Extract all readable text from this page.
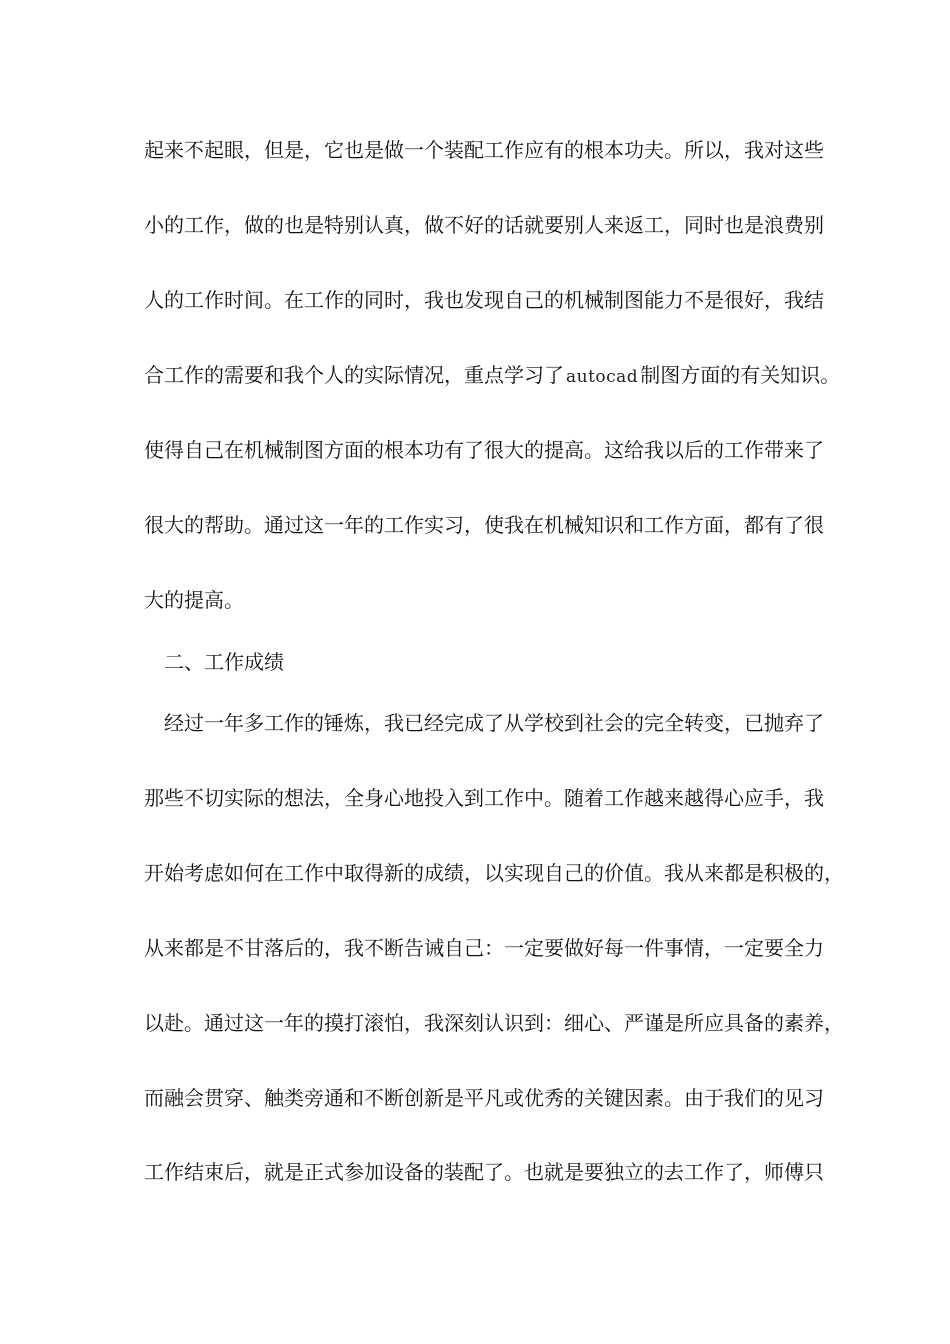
起来不起眼，但是，它也是做一个装配工作应有的根本功夫。所以，我对这些
小的工作，做的也是特别认真，做不好的话就要别人来返工，同时也是浪费别
人的工作时间。在工作的同时，我也发现自己的机械制图能力不是很好，我结
合工作的需要和我个人的实际情况，重点学习了 autocad 制图方面的有关知识。
使得自己在机械制图方面的根本功有了很大的提高。这给我以后的工作带来了
很大的帮助。通过这一年的工作实习，使我在机械知识和工作方面，都有了很
大的提高。
二、工作成绩
经过一年多工作的锤炼，我已经完成了从学校到社会的完全转变，已抛弃了
那些不切实际的想法，全身心地投入到工作中。随着工作越来越得心应手，我
开始考虑如何在工作中取得新的成绩，以实现自己的价值。我从来都是积极的，
从来都是不甘落后的，我不断告诫自己：一定要做好每一件事情，一定要全力
以赴。通过这一年的摸打滚怕，我深刻认识到：细心、严谨是所应具备的素养，
而融会贯穿、触类旁通和不断创新是平凡或优秀的关键因素。由于我们的见习
工作结束后，就是正式参加设备的装配了。也就是要独立的去工作了，师傅只
